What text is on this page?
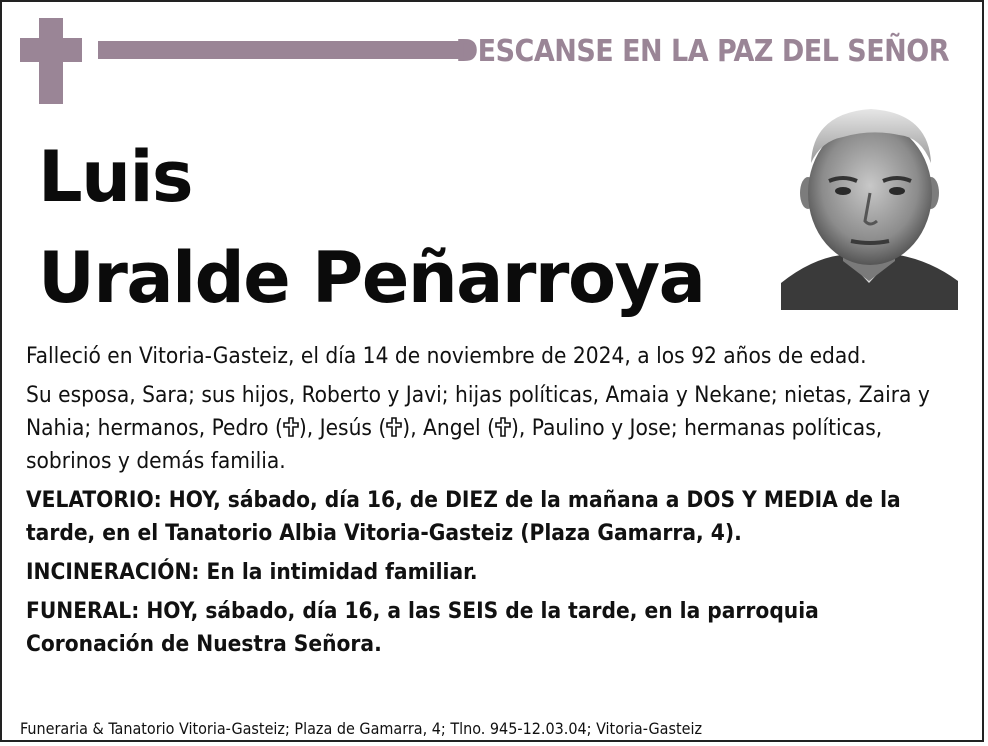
DESCANSE EN LA PAZ DEL SEÑOR
Luis
Uralde Peñarroya

Falleció en Vitoria-Gasteiz, el día 14 de noviembre de 2024, a los 92 años de edad.

Su esposa, Sara; sus hijos, Roberto y Javi; hijas políticas, Amaia y Nekane; nietas, Zaira y Nahia; hermanos, Pedro ( ), Jesús ( ), Angel ( ), Paulino y Jose; hermanas políticas, sobrinos y demás familia.

VELATORIO: HOY, sábado, día 16, de DIEZ de la mañana a DOS Y MEDIA de la tarde, en el Tanatorio Albia Vitoria-Gasteiz (Plaza Gamarra, 4).

INCINERACIÓN: En la intimidad familiar.

FUNERAL: HOY, sábado, día 16, a las SEIS de la tarde, en la parroquia Coronación de Nuestra Señora.

Funeraria & Tanatorio Vitoria-Gasteiz; Plaza de Gamarra, 4; Tlno. 945-12.03.04; Vitoria-Gasteiz
